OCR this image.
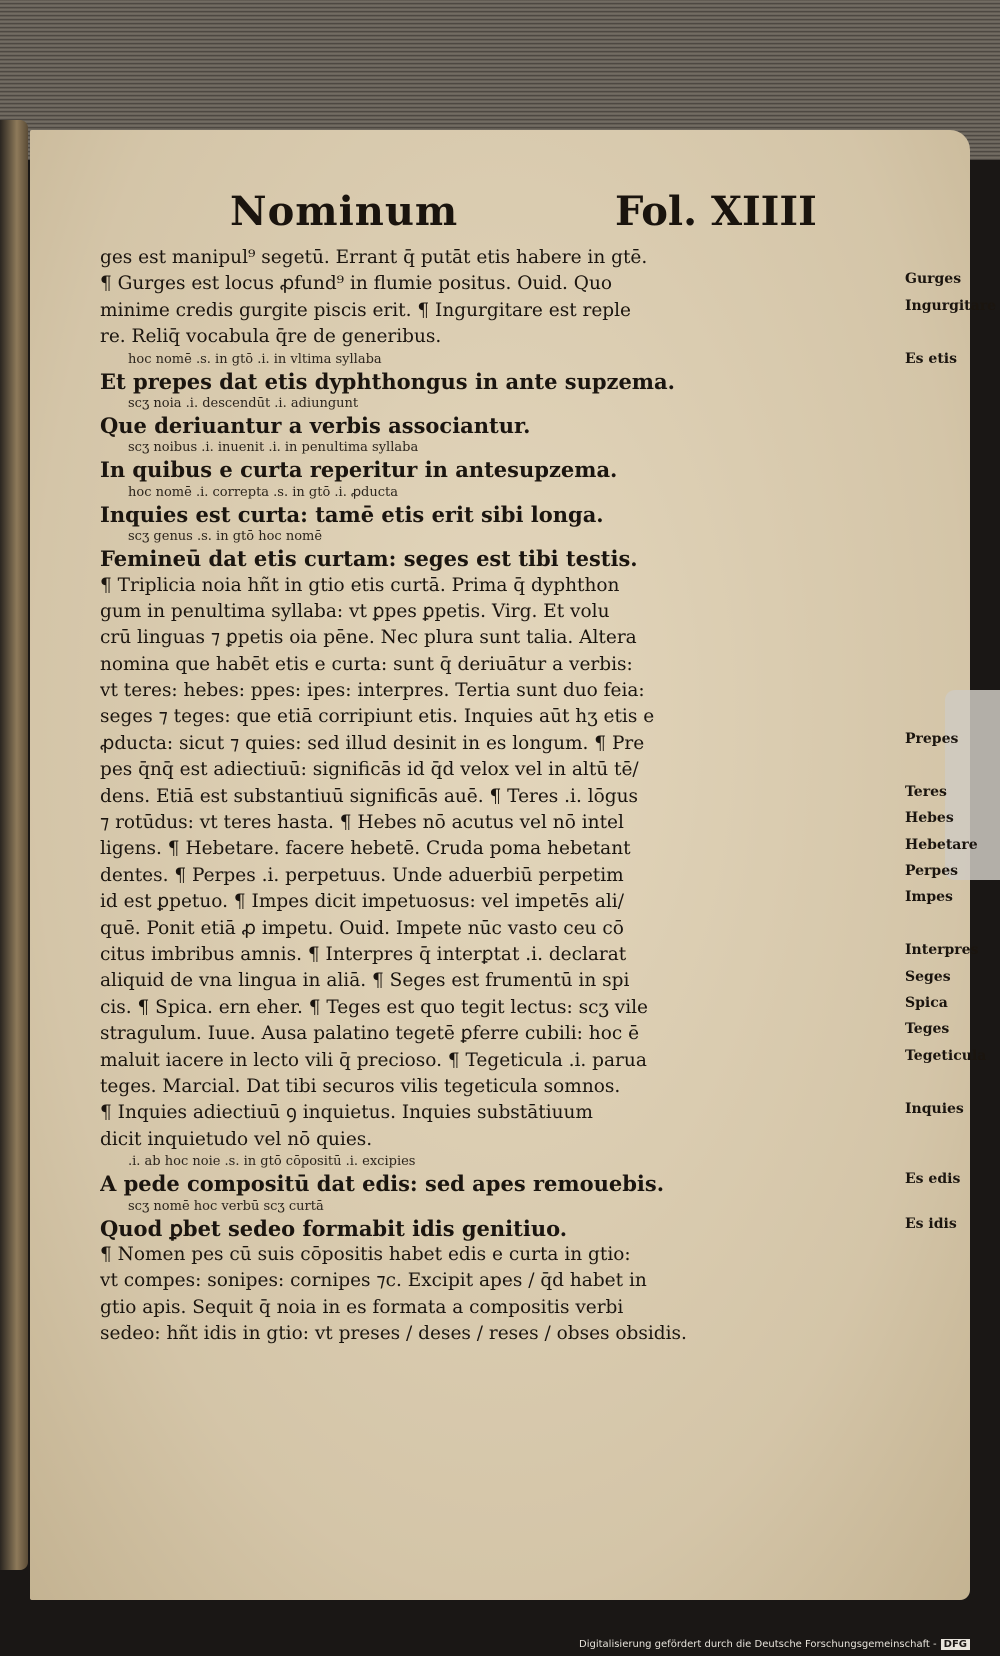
Nominum	Fol. XIIII
ges est manipul⁹ segetū. Errant q̄ putāt etis habere in gtē.
¶ Gurges est locus ꝓfund⁹ in flumie positus. Ouid. Quo
minime credis gurgite piscis erit. ¶ Ingurgitare est reple
re. Reliq̄ vocabula q̄re de generibus.
hoc nomē .s. in gtō .i. in vltima syllaba
Et prepes dat etis dyphthongus in ante supzema.
scʒ noia .i. descendūt .i. adiungunt
Que deriuantur a verbis associantur.
scʒ noibus .i. inuenit .i. in penultima syllaba
In quibus e curta reperitur in antesupzema.
hoc nomē .i. correpta .s. in gtō .i. ꝓducta
Inquies est curta: tamē etis erit sibi longa.
scʒ genus .s. in gtō hoc nomē
Femineū dat etis curtam: seges est tibi testis.
¶ Triplicia noia hñt in gtio etis curtā. Prima q̄ dyphthon
gum in penultima syllaba: vt ꝑpes ꝑpetis. Virg. Et volu
crū linguas ⁊ ꝑpetis oia pēne. Nec plura sunt talia. Altera
nomina que habēt etis e curta: sunt q̄ deriuātur a verbis:
vt teres: hebes: ppes: ipes: interpres. Tertia sunt duo feia:
seges ⁊ teges: que etiā corripiunt etis. Inquies aūt hʒ etis e
ꝓducta: sicut ⁊ quies: sed illud desinit in es longum. ¶ Pre
pes q̄nq̄ est adiectiuū: significās id q̄d velox vel in altū tē/
dens. Etiā est substantiuū significās auē. ¶ Teres .i. lōgus
⁊ rotūdus: vt teres hasta. ¶ Hebes nō acutus vel nō intel
ligens. ¶ Hebetare. facere hebetē. Cruda poma hebetant
dentes. ¶ Perpes .i. perpetuus. Unde aduerbiū perpetim
id est ꝑpetuo. ¶ Impes dicit impetuosus: vel impetēs ali/
quē. Ponit etiā ꝓ impetu. Ouid. Impete nūc vasto ceu cō
citus imbribus amnis. ¶ Interpres q̄ interꝑtat .i. declarat
aliquid de vna lingua in aliā. ¶ Seges est frumentū in spi
cis. ¶ Spica. ern eher. ¶ Teges est quo tegit lectus: scʒ vile
stragulum. Iuue. Ausa palatino tegetē ꝑferre cubili: hoc ē
maluit iacere in lecto vili q̄ precioso. ¶ Tegeticula .i. parua
teges. Marcial. Dat tibi securos vilis tegeticula somnos.
¶ Inquies adiectiuū ꝯ inquietus. Inquies substātiuum
dicit inquietudo vel nō quies.
.i. ab hoc noie .s. in gtō cōpositū .i. excipies
A pede compositū dat edis: sed apes remouebis.
scʒ nomē hoc verbū scʒ curtā
Quod ꝑbet sedeo formabit idis genitiuo.
¶ Nomen pes cū suis cōpositis habet edis e curta in gtio:
vt compes: sonipes: cornipes ⁊c. Excipit apes / q̄d habet in
gtio apis. Sequit q̄ noia in es formata a compositis verbi
sedeo: hñt idis in gtio: vt preses / deses / reses / obses obsidis.
Gurges
Ingurgitare
Es etis
Prepes
Teres
Hebes
Hebetare
Perpes
Impes
Interpres
Seges
Spica
Teges
Tegeticula
Inquies
Es edis
Es idis
Digitalisierung gefördert durch die Deutsche Forschungsgemeinschaft - DFG
